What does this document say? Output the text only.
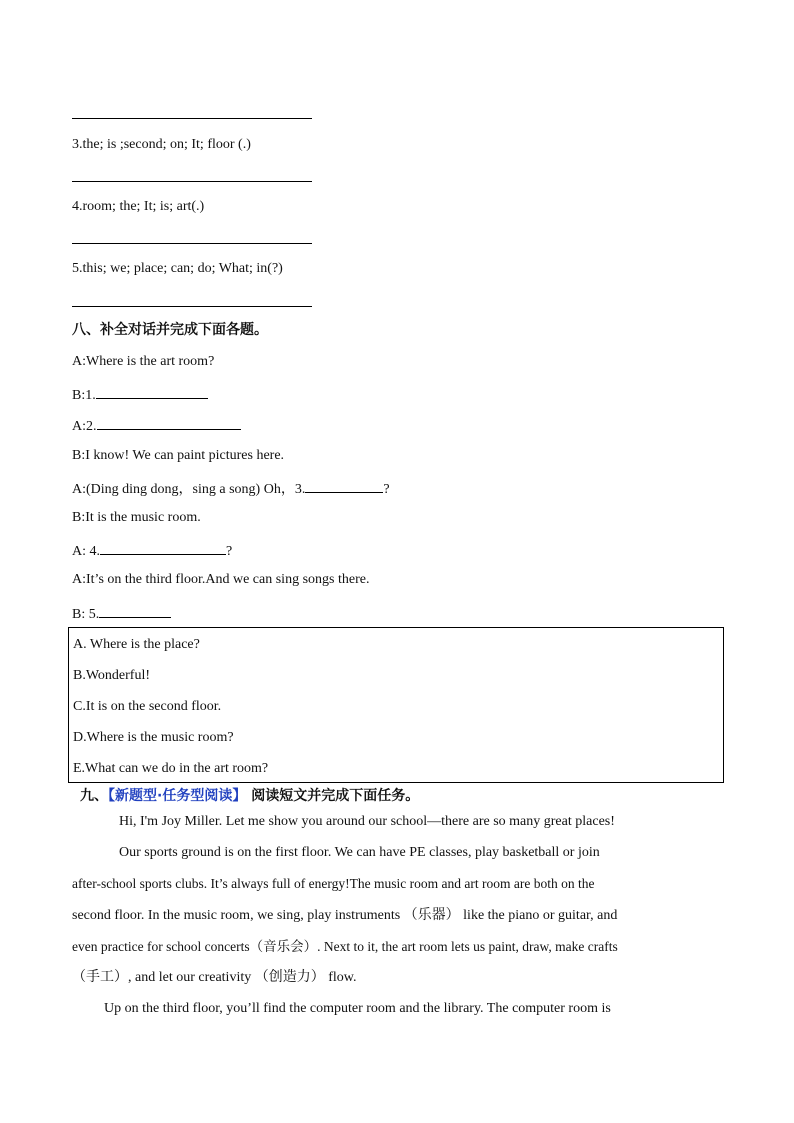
3.the; is ;second; on; It; floor (.)
4.room; the; It; is; art(.)
5.this; we; place; can; do; What; in(?)
八、补全对话并完成下面各题。
A:Where is the art room?
B:1.
A:2.
B:I know! We can paint pictures here.
A:(Ding ding dong，sing a song) Oh，3.	?
B:It is the music room.
A: 4.	?
A:It’s on the third floor.And we can sing songs there.
B: 5.
A. Where is the place?
B.Wonderful!
C.It is on the second floor.
D.Where is the music room?
E.What can we do in the art room?
九、【新题型·任务型阅读】 阅读短文并完成下面任务。
Hi, I'm Joy Miller. Let me show you around our school—there are so many great places!
Our sports ground is on the first floor. We can have PE classes, play basketball or join
after-school sports clubs. It’s always full of energy!The music room and art room are both on the
second floor. In the music room, we sing, play instruments （乐器） like the piano or guitar, and
even practice for school concerts（音乐会）. Next to it, the art room lets us paint, draw, make crafts
（手工）, and let our creativity （创造力） flow.
Up on the third floor, you’ll find the computer room and the library. The computer room is
